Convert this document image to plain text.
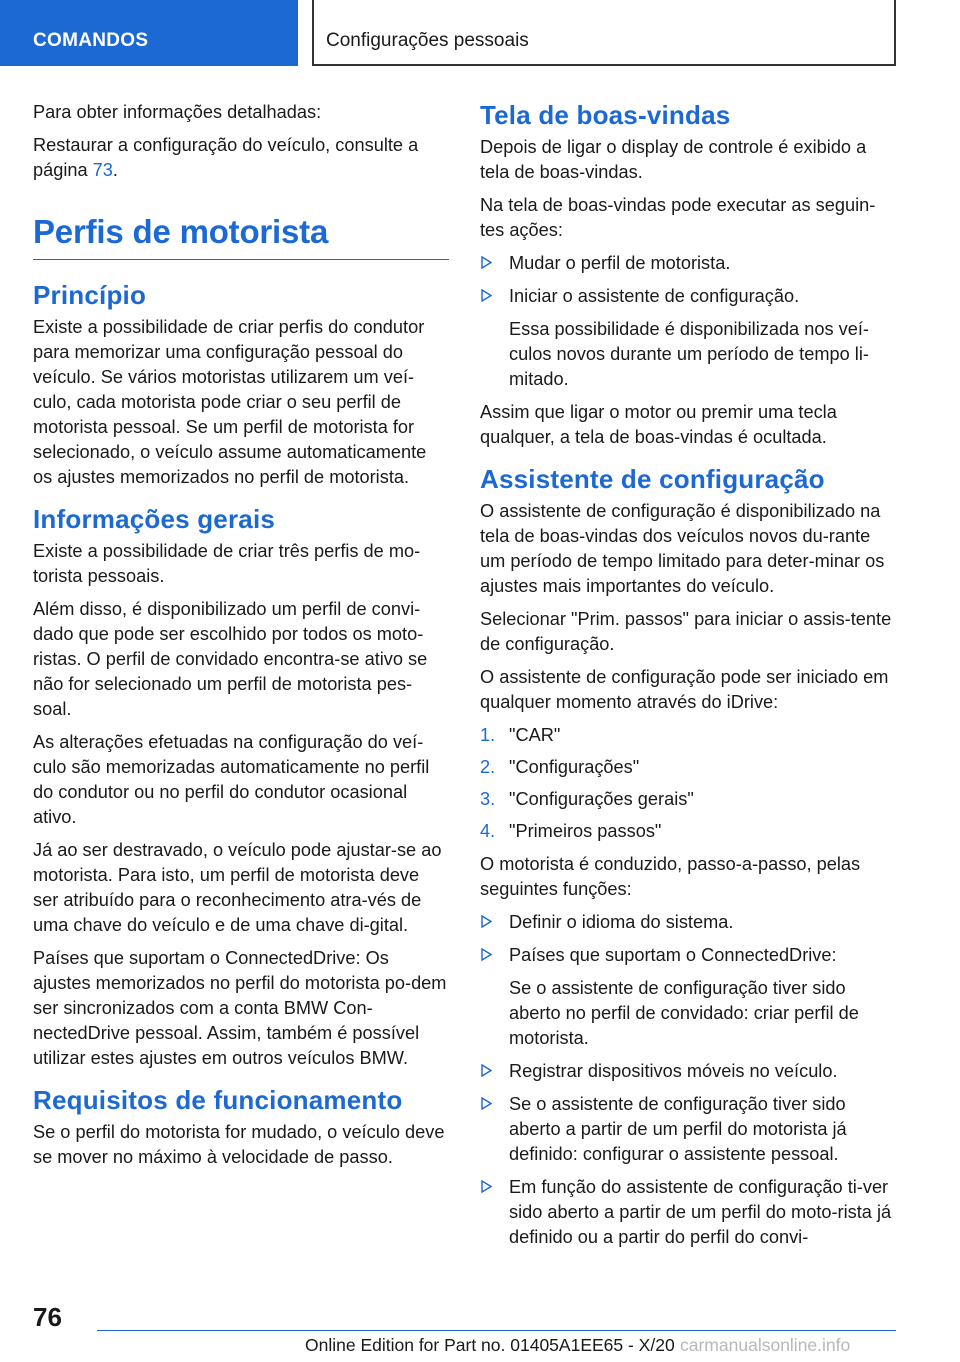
COMANDOS	Configurações pessoais

Para obter informações detalhadas:

Restaurar a configuração do veículo, consulte a página 73.

Perfis de motorista
Princípio

Existe a possibilidade de criar perfis do condutor para memorizar uma configuração pessoal do veículo. Se vários motoristas utilizarem um veí-culo, cada motorista pode criar o seu perfil de motorista pessoal. Se um perfil de motorista for selecionado, o veículo assume automaticamente os ajustes memorizados no perfil de motorista.

Informações gerais

Existe a possibilidade de criar três perfis de mo-torista pessoais.

Além disso, é disponibilizado um perfil de convi-dado que pode ser escolhido por todos os moto-ristas. O perfil de convidado encontra-se ativo se não for selecionado um perfil de motorista pes-soal.

As alterações efetuadas na configuração do veí-culo são memorizadas automaticamente no perfil do condutor ou no perfil do condutor ocasional ativo.

Já ao ser destravado, o veículo pode ajustar-se ao motorista. Para isto, um perfil de motorista deve ser atribuído para o reconhecimento atra-vés de uma chave do veículo e de uma chave di-gital.

Países que suportam o ConnectedDrive: Os ajustes memorizados no perfil do motorista po-dem ser sincronizados com a conta BMW Con-nectedDrive pessoal. Assim, também é possível utilizar estes ajustes em outros veículos BMW.

Requisitos de funcionamento

Se o perfil do motorista for mudado, o veículo deve se mover no máximo à velocidade de passo.

Tela de boas-vindas

Depois de ligar o display de controle é exibido a tela de boas-vindas.

Na tela de boas-vindas pode executar as seguin-tes ações:

Mudar o perfil de motorista.
Iniciar o assistente de configuração.

Essa possibilidade é disponibilizada nos veí-culos novos durante um período de tempo li-mitado.

Assim que ligar o motor ou premir uma tecla qualquer, a tela de boas-vindas é ocultada.

Assistente de configuração

O assistente de configuração é disponibilizado na tela de boas-vindas dos veículos novos du-rante um período de tempo limitado para deter-minar os ajustes mais importantes do veículo.

Selecionar "Prim. passos" para iniciar o assis-tente de configuração.

O assistente de configuração pode ser iniciado em qualquer momento através do iDrive:

1. "CAR"
2. "Configurações"
3. "Configurações gerais"
4. "Primeiros passos"

O motorista é conduzido, passo-a-passo, pelas seguintes funções:

Definir o idioma do sistema.
Países que suportam o ConnectedDrive:

Se o assistente de configuração tiver sido aberto no perfil de convidado: criar perfil de motorista.

Registrar dispositivos móveis no veículo.
Se o assistente de configuração tiver sido aberto a partir de um perfil do motorista já definido: configurar o assistente pessoal.
Em função do assistente de configuração ti-ver sido aberto a partir de um perfil do moto-rista já definido ou a partir do perfil do convi-
76
Online Edition for Part no. 01405A1EE65 - X/20 carmanualsonline.info
